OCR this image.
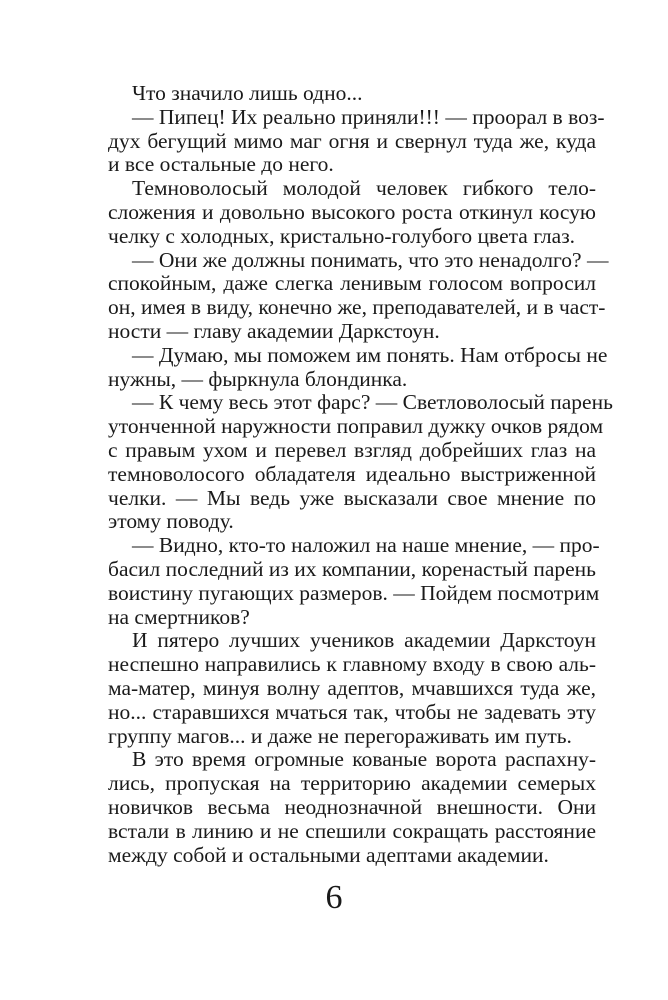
Что значило лишь одно...
— Пипец! Их реально приняли!!! — проорал в воз-
дух бегущий мимо маг огня и свернул туда же, куда
и все остальные до него.
Темноволосый молодой человек гибкого тело-
сложения и довольно высокого роста откинул косую
челку с холодных, кристально-голубого цвета глаз.
— Они же должны понимать, что это ненадолго? —
спокойным, даже слегка ленивым голосом вопросил
он, имея в виду, конечно же, преподавателей, и в част-
ности — главу академии Даркстоун.
— Думаю, мы поможем им понять. Нам отбросы не
нужны, — фыркнула блондинка.
— К чему весь этот фарс? — Светловолосый парень
утонченной наружности поправил дужку очков рядом
с правым ухом и перевел взгляд добрейших глаз на
темноволосого обладателя идеально выстриженной
челки. — Мы ведь уже высказали свое мнение по
этому поводу.
— Видно, кто-то наложил на наше мнение, — про-
басил последний из их компании, коренастый парень
воистину пугающих размеров. — Пойдем посмотрим
на смертников?
И пятеро лучших учеников академии Даркстоун
неспешно направились к главному входу в свою аль-
ма-матер, минуя волну адептов, мчавшихся туда же,
но... старавшихся мчаться так, чтобы не задевать эту
группу магов... и даже не перегораживать им путь.
В это время огромные кованые ворота распахну-
лись, пропуская на территорию академии семерых
новичков весьма неоднозначной внешности. Они
встали в линию и не спешили сокращать расстояние
между собой и остальными адептами академии.
6
